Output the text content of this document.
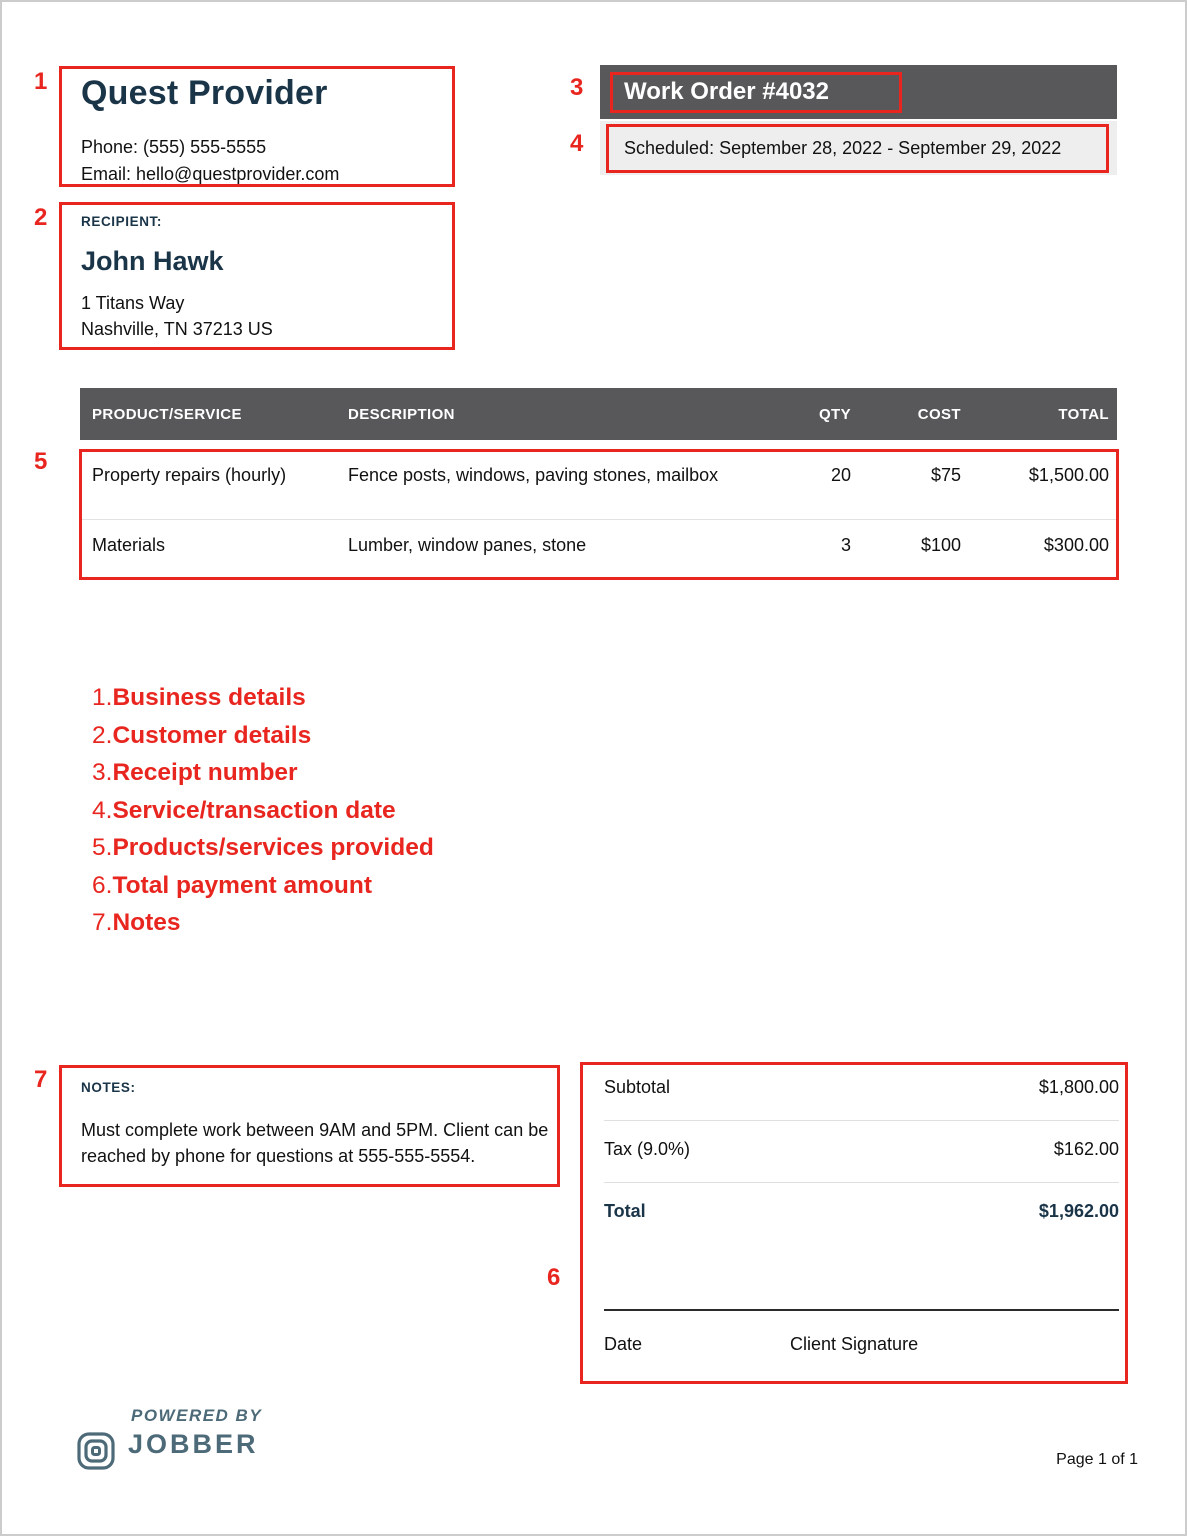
Quest Provider
Phone: (555) 555-5555
Email: hello@questprovider.com
RECIPIENT:
John Hawk
1 Titans Way
Nashville, TN 37213 US
Work Order #4032
Scheduled: September 28, 2022 - September 29, 2022
PRODUCT/SERVICE	DESCRIPTION	QTY	COST	TOTAL
Property repairs (hourly)	Fence posts, windows, paving stones, mailbox	20	$75	$1,500.00
Materials	Lumber, window panes, stone	3	$100	$300.00
1.Business details
2.Customer details
3.Receipt number
4.Service/transaction date
5.Products/services provided
6.Total payment amount
7.Notes
NOTES:
Must complete work between 9AM and 5PM. Client can be reached by phone for questions at 555-555-5554.
Subtotal	$1,800.00
Tax (9.0%)	$162.00
Total	$1,962.00
Date	Client Signature
POWERED BY
JOBBER
Page 1 of 1
1
2
3
4
5
6
7
